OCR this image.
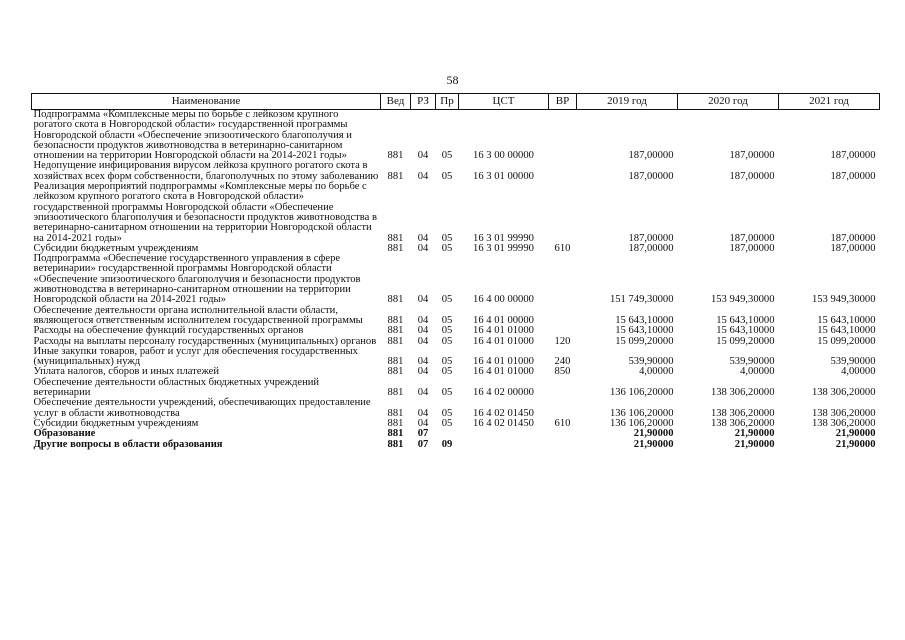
58
Наименование	Вед	РЗ	Пр	ЦСТ	ВР	2019 год	2020 год	2021 год
Подпрограмма «Комплексные меры по борьбе с лейкозом крупного рогатого скота в Новгородской области» государственной программы Новгородской области «Обеспечение эпизоотического благополучия и безопасности продуктов животноводства в ветеринарно-санитарном отношении на территории Новгородской области на 2014-2021 годы»	881	04	05	16 3 00 00000		187,00000	187,00000	187,00000
Недопущение инфицирования вирусом лейкоза крупного рогатого скота в хозяйствах всех форм собственности, благополучных по этому заболеванию	881	04	05	16 3 01 00000		187,00000	187,00000	187,00000
Реализация мероприятий подпрограммы «Комплексные меры по борьбе с лейкозом крупного рогатого скота в Новгородской области» государственной программы Новгородской области «Обеспечение эпизоотического благополучия и безопасности продуктов животноводства в ветеринарно-санитарном отношении на территории Новгородской области на 2014-2021 годы»	881	04	05	16 3 01 99990		187,00000	187,00000	187,00000
Субсидии бюджетным учреждениям	881	04	05	16 3 01 99990	610	187,00000	187,00000	187,00000
Подпрограмма «Обеспечение государственного управления в сфере ветеринарии» государственной программы Новгородской области «Обеспечение эпизоотического благополучия и безопасности продуктов животноводства в ветеринарно-санитарном отношении на территории Новгородской области на 2014-2021 годы»	881	04	05	16 4 00 00000		151 749,30000	153 949,30000	153 949,30000
Обеспечение деятельности органа исполнительной власти области, являющегося ответственным исполнителем государственной программы	881	04	05	16 4 01 00000		15 643,10000	15 643,10000	15 643,10000
Расходы на обеспечение функций государственных органов	881	04	05	16 4 01 01000		15 643,10000	15 643,10000	15 643,10000
Расходы на выплаты персоналу государственных (муниципальных) органов	881	04	05	16 4 01 01000	120	15 099,20000	15 099,20000	15 099,20000
Иные закупки товаров, работ и услуг для обеспечения государственных (муниципальных) нужд	881	04	05	16 4 01 01000	240	539,90000	539,90000	539,90000
Уплата налогов, сборов и иных платежей	881	04	05	16 4 01 01000	850	4,00000	4,00000	4,00000
Обеспечение деятельности областных бюджетных учреждений ветеринарии	881	04	05	16 4 02 00000		136 106,20000	138 306,20000	138 306,20000
Обеспечение деятельности учреждений, обеспечивающих предоставление услуг в области животноводства	881	04	05	16 4 02 01450		136 106,20000	138 306,20000	138 306,20000
Субсидии бюджетным учреждениям	881	04	05	16 4 02 01450	610	136 106,20000	138 306,20000	138 306,20000
Образование	881	07				21,90000	21,90000	21,90000
Другие вопросы в области образования	881	07	09			21,90000	21,90000	21,90000
